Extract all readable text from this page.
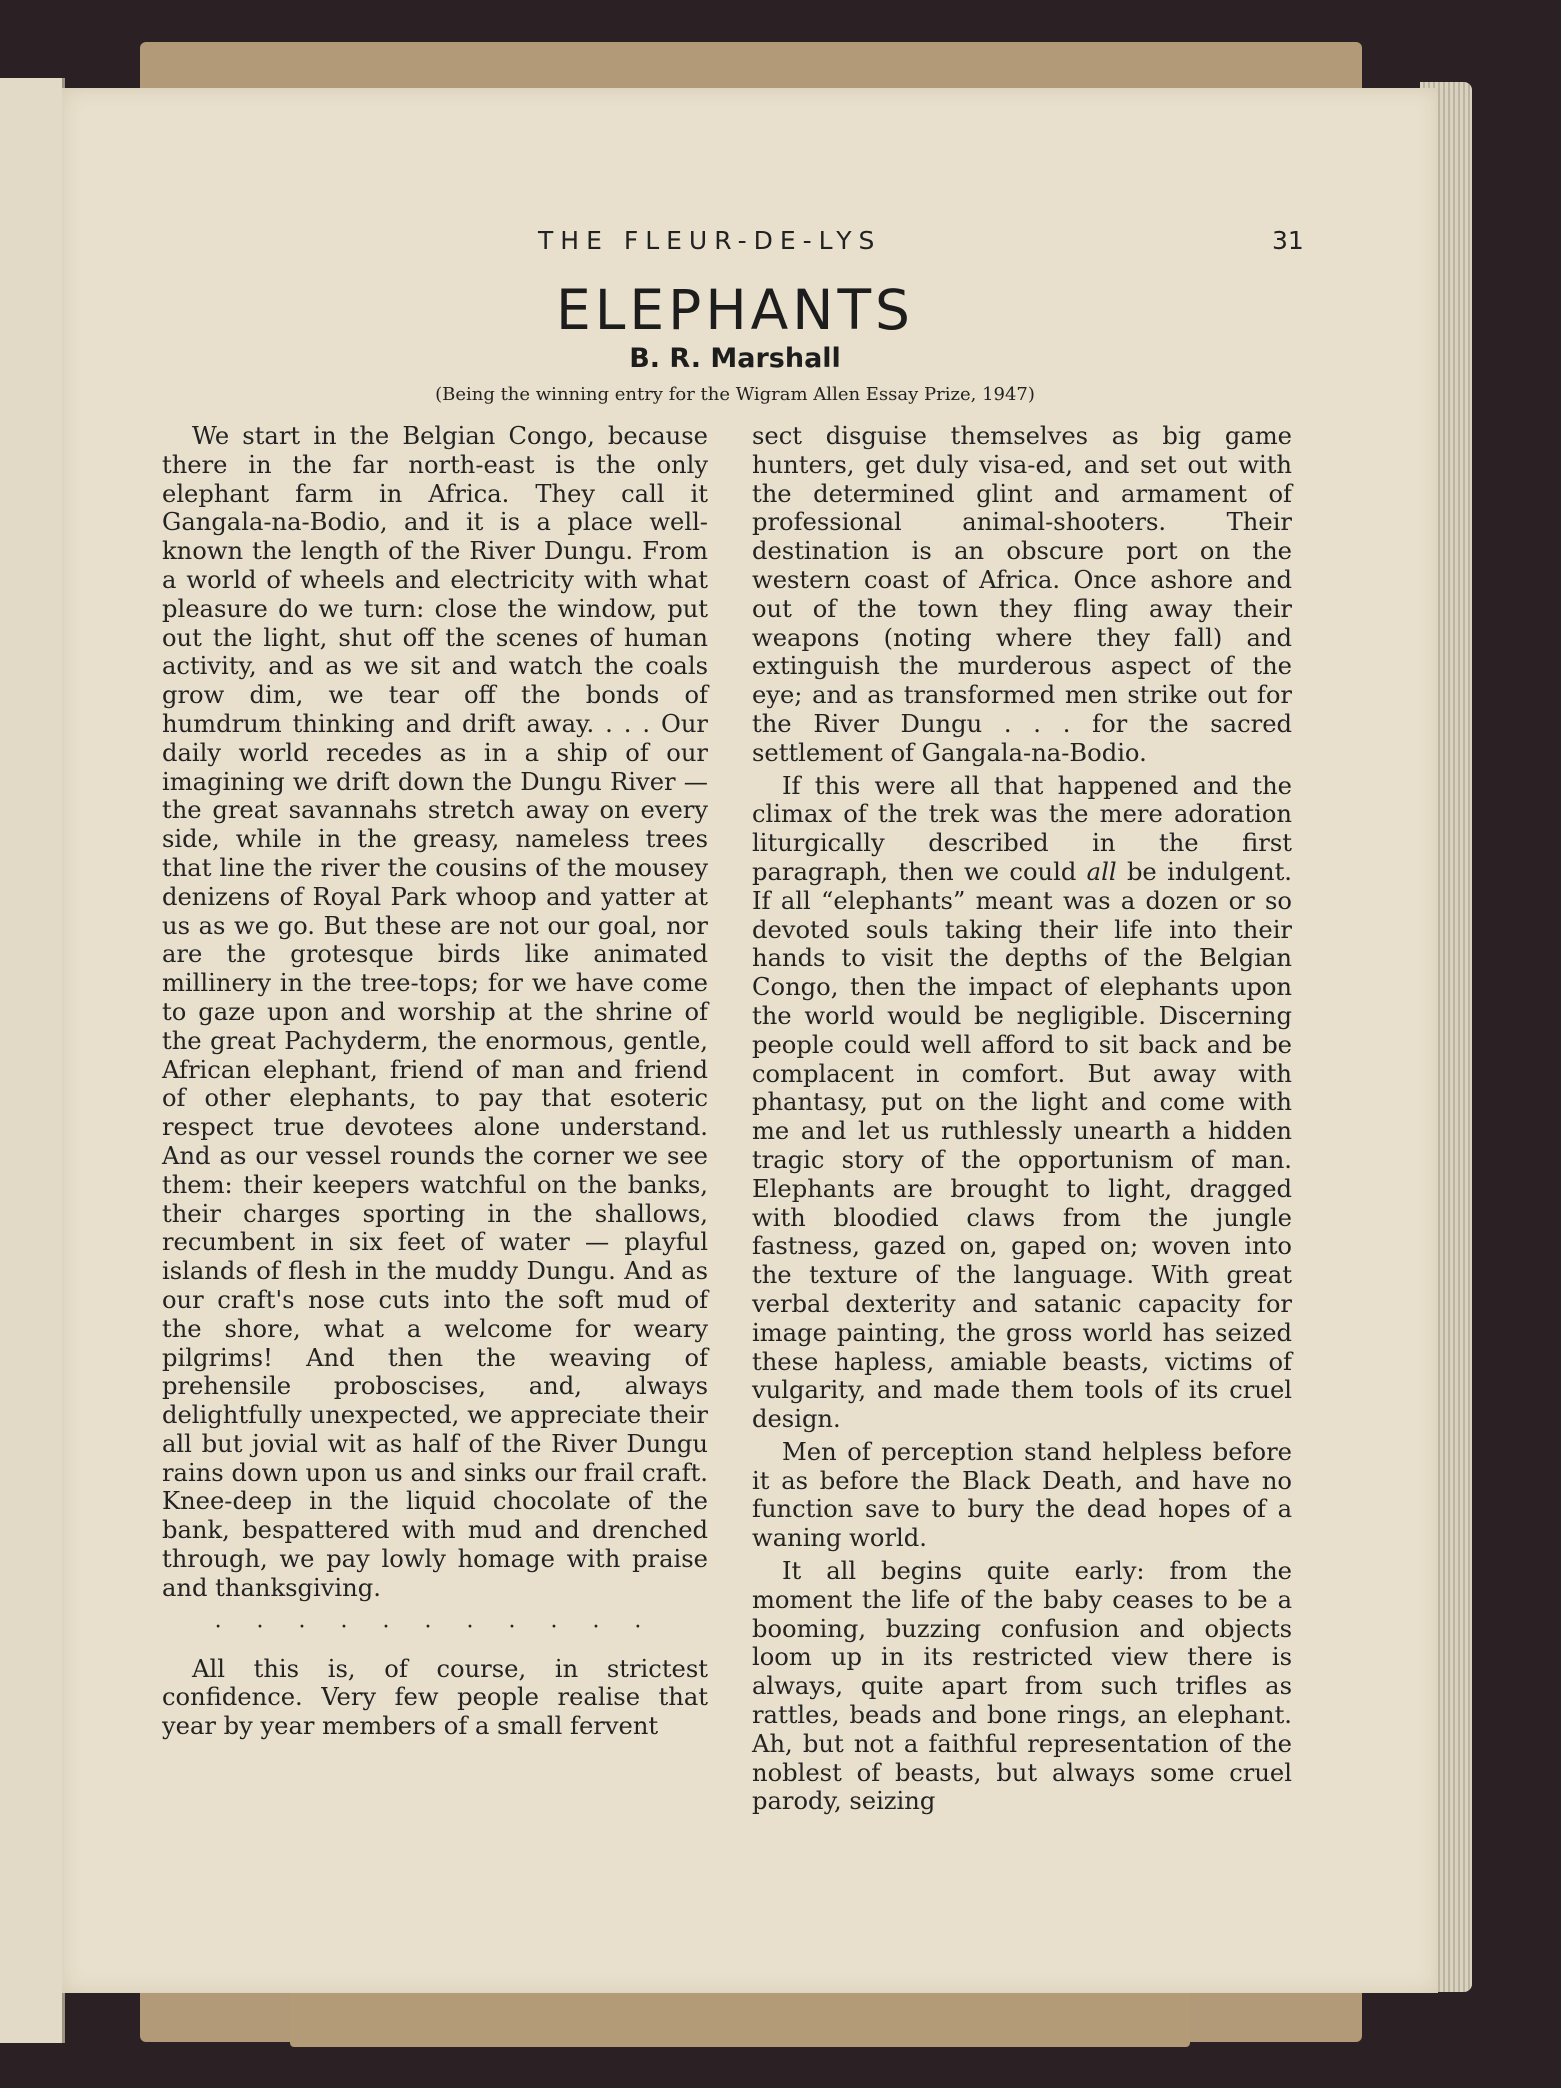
THE FLEUR-DE-LYS	31
ELEPHANTS
B. R. Marshall
(Being the winning entry for the Wigram Allen Essay Prize, 1947)

We start in the Belgian Congo, because there in the far north-east is the only elephant farm in Africa. They call it Gangala-na-Bodio, and it is a place well-known the length of the River Dungu. From a world of wheels and electricity with what pleasure do we turn: close the window, put out the light, shut off the scenes of human activity, and as we sit and watch the coals grow dim, we tear off the bonds of humdrum thinking and drift away. . . . Our daily world recedes as in a ship of our imagining we drift down the Dungu River — the great savannahs stretch away on every side, while in the greasy, nameless trees that line the river the cousins of the mousey denizens of Royal Park whoop and yatter at us as we go. But these are not our goal, nor are the grotesque birds like animated millinery in the tree-tops; for we have come to gaze upon and worship at the shrine of the great Pachyderm, the enormous, gentle, African elephant, friend of man and friend of other elephants, to pay that esoteric respect true devotees alone understand. And as our vessel rounds the corner we see them: their keepers watchful on the banks, their charges sporting in the shallows, recumbent in six feet of water — playful islands of flesh in the muddy Dungu. And as our craft's nose cuts into the soft mud of the shore, what a welcome for weary pilgrims! And then the weaving of prehensile proboscises, and, always delightfully unexpected, we appreciate their all but jovial wit as half of the River Dungu rains down upon us and sinks our frail craft. Knee-deep in the liquid chocolate of the bank, bespattered with mud and drenched through, we pay lowly homage with praise and thanksgiving.

· · · · · · · · · · ·

All this is, of course, in strictest confidence. Very few people realise that year by year members of a small fervent

sect disguise themselves as big game hunters, get duly visa-ed, and set out with the determined glint and armament of professional animal-shooters. Their destination is an obscure port on the western coast of Africa. Once ashore and out of the town they fling away their weapons (noting where they fall) and extinguish the murderous aspect of the eye; and as transformed men strike out for the River Dungu . . . for the sacred settlement of Gangala-na-Bodio.

If this were all that happened and the climax of the trek was the mere adoration liturgically described in the first paragraph, then we could all be indulgent. If all “elephants” meant was a dozen or so devoted souls taking their life into their hands to visit the depths of the Belgian Congo, then the impact of elephants upon the world would be negligible. Discerning people could well afford to sit back and be complacent in comfort. But away with phantasy, put on the light and come with me and let us ruthlessly unearth a hidden tragic story of the opportunism of man. Elephants are brought to light, dragged with bloodied claws from the jungle fastness, gazed on, gaped on; woven into the texture of the language. With great verbal dexterity and satanic capacity for image painting, the gross world has seized these hapless, amiable beasts, victims of vulgarity, and made them tools of its cruel design.

Men of perception stand helpless before it as before the Black Death, and have no function save to bury the dead hopes of a waning world.

It all begins quite early: from the moment the life of the baby ceases to be a booming, buzzing confusion and objects loom up in its restricted view there is always, quite apart from such trifles as rattles, beads and bone rings, an elephant. Ah, but not a faithful representation of the noblest of beasts, but always some cruel parody, seizing
